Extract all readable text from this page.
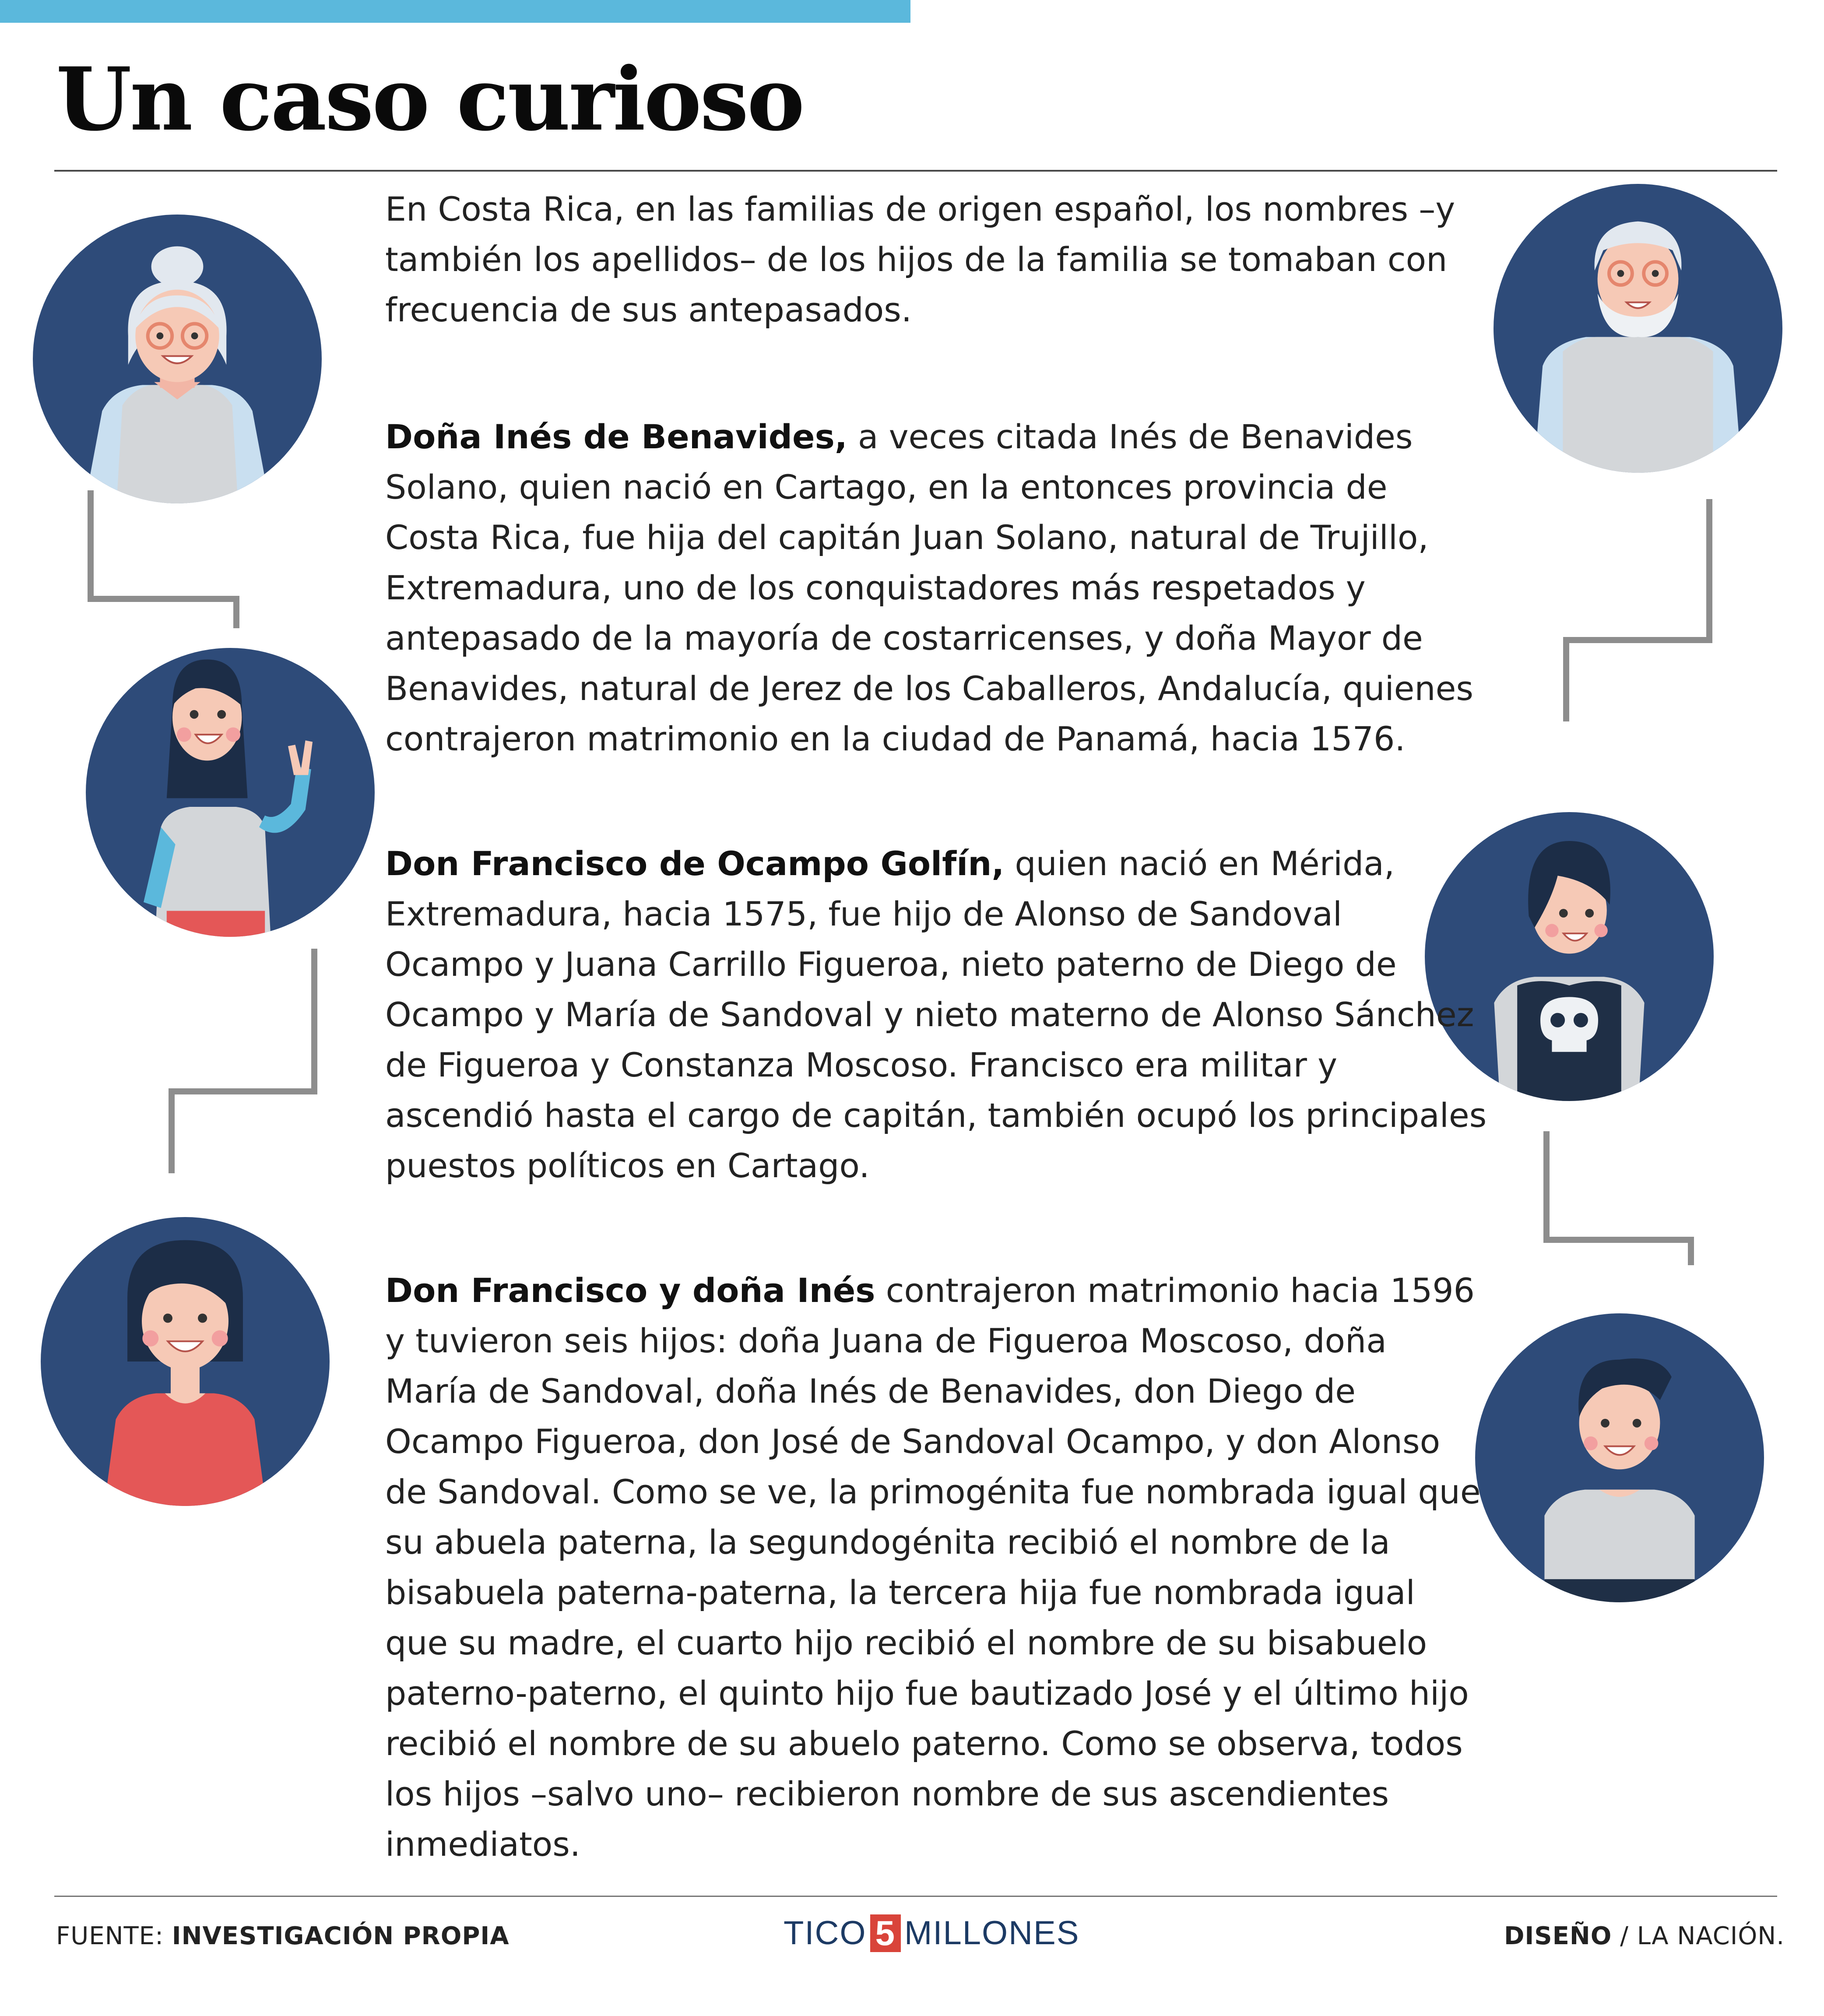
Un caso curioso

En Costa Rica, en las familias de origen español, los nombres –y también los apellidos– de los hijos de la familia se tomaban con frecuencia de sus antepasados.

Doña Inés de Benavides, a veces citada Inés de Benavides Solano, quien nació en Cartago, en la entonces provincia de Costa Rica, fue hija del capitán Juan Solano, natural de Trujillo, Extremadura, uno de los conquistadores más respetados y antepasado de la mayoría de costarricenses, y doña Mayor de Benavides, natural de Jerez de los Caballeros, Andalucía, quienes contrajeron matrimonio en la ciudad de Panamá, hacia 1576.

Don Francisco de Ocampo Golfín, quien nació en Mérida, Extremadura, hacia 1575, fue hijo de Alonso de Sandoval Ocampo y Juana Carrillo Figueroa, nieto paterno de Diego de Ocampo y María de Sandoval y nieto materno de Alonso Sánchez de Figueroa y Constanza Moscoso. Francisco era militar y ascendió hasta el cargo de capitán, también ocupó los principales puestos políticos en Cartago.

Don Francisco y doña Inés contrajeron matrimonio hacia 1596 y tuvieron seis hijos: doña Juana de Figueroa Moscoso, doña María de Sandoval, doña Inés de Benavides, don Diego de Ocampo Figueroa, don José de Sandoval Ocampo, y don Alonso de Sandoval. Como se ve, la primogénita fue nombrada igual que su abuela paterna, la segundogénita recibió el nombre de la bisabuela paterna-paterna, la tercera hija fue nombrada igual que su madre, el cuarto hijo recibió el nombre de su bisabuelo paterno-paterno, el quinto hijo fue bautizado José y el último hijo recibió el nombre de su abuelo paterno. Como se observa, todos los hijos –salvo uno– recibieron nombre de sus ascendientes inmediatos.

FUENTE: INVESTIGACIÓN PROPIA	TICO 5 MILLONES	DISEÑO / LA NACIÓN.
